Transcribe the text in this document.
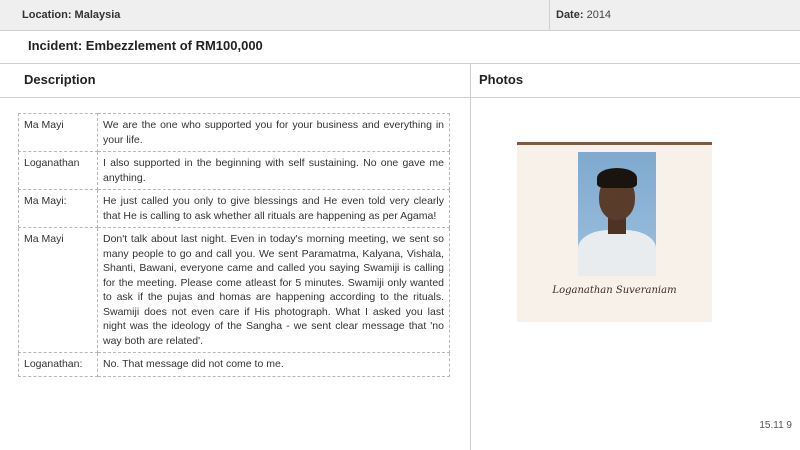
Location: Malaysia	Date: 2014
Incident: Embezzlement of RM100,000
Description	Photos
Ma Mayi	We are the one who supported you for your business and everything in your life.
Loganathan	I also supported in the beginning with self sustaining. No one gave me anything.
Ma Mayi:	He just called you only to give blessings and He even told very clearly that He is calling to ask whether all rituals are happening as per Agama!
Ma Mayi	Don't talk about last night. Even in today's morning meeting, we sent so many people to go and call you. We sent Paramatma, Kalyana, Vishala, Shanti, Bawani, everyone came and called you saying Swamiji is calling for the meeting. Please come atleast for 5 minutes. Swamiji only wanted to ask if the pujas and homas are happening according to the rituals. Swamiji does not even care if His photograph. What I asked you last night was the ideology of the Sangha - we sent clear message that 'no way both are related'.
Loganathan:	No. That message did not come to me.
Loganathan Suveraniam
15.11 9
